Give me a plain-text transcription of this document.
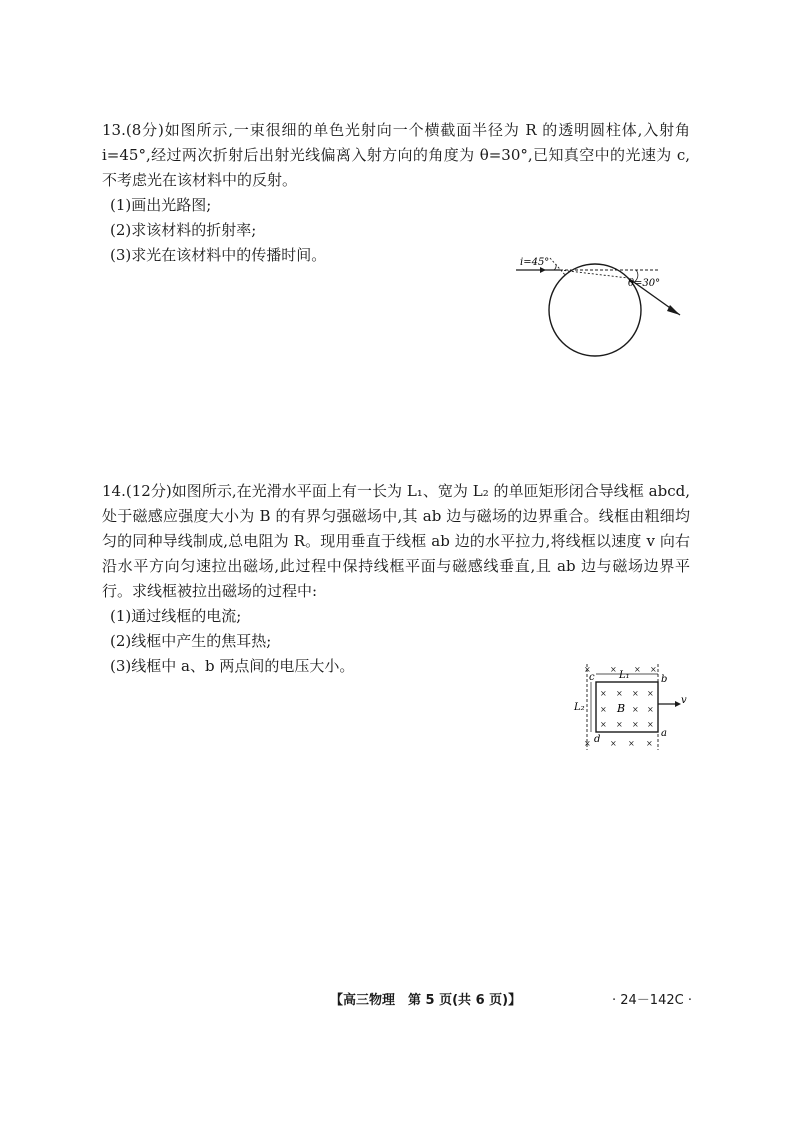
13.(8分)如图所示,一束很细的单色光射向一个横截面半径为 R 的透明圆柱体,入射角 i=45°,经过两次折射后出射光线偏离入射方向的角度为 θ=30°,已知真空中的光速为 c,不考虑光在该材料中的反射。

(1)画出光路图;

(2)求该材料的折射率;

(3)求光在该材料中的传播时间。	i=45°
θ=30°

14.(12分)如图所示,在光滑水平面上有一长为 L₁、宽为 L₂ 的单匝矩形闭合导线框 abcd,处于磁感应强度大小为 B 的有界匀强磁场中,其 ab 边与磁场的边界重合。线框由粗细均匀的同种导线制成,总电阻为 R。现用垂直于线框 ab 边的水平拉力,将线框以速度 v 向右沿水平方向匀速拉出磁场,此过程中保持线框平面与磁感线垂直,且 ab 边与磁场边界平行。求线框被拉出磁场的过程中:

(1)通过线框的电流;

(2)线框中产生的焦耳热;

(3)线框中 a、b 两点间的电压大小。	× × × ×
× × × ×
×	× ×
× × × ×
× × × ×
L₁
L₂	B
v
a
b
c
d
【高三物理　第 5 页(共 6 页)】	· 24－142C ·
